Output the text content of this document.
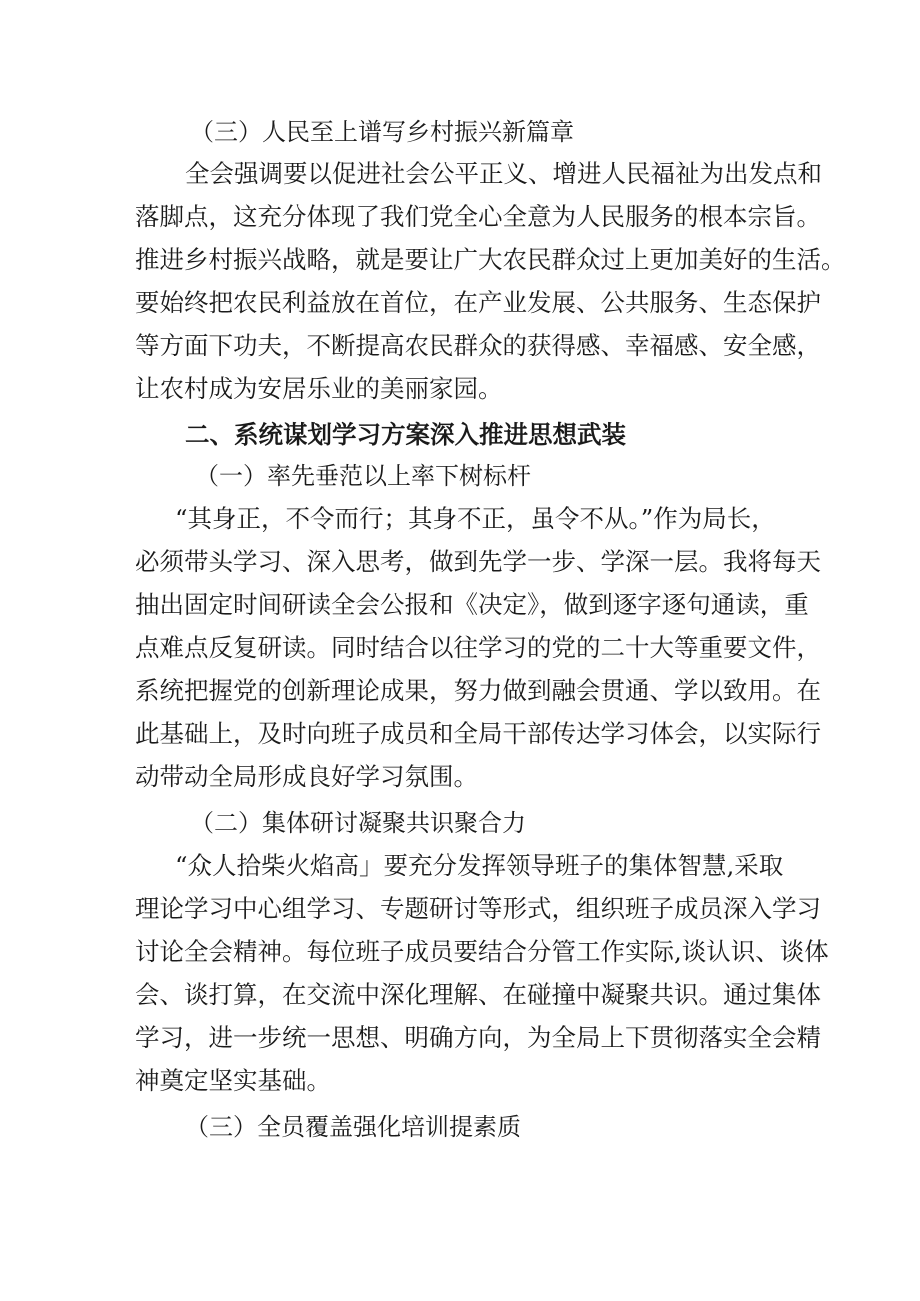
（三）人民至上谱写乡村振兴新篇章
全会强调要以促进社会公平正义、增进人民福祉为出发点和
落脚点，这充分体现了我们党全心全意为人民服务的根本宗旨。
推进乡村振兴战略，就是要让广大农民群众过上更加美好的生活。
要始终把农民利益放在首位，在产业发展、公共服务、生态保护
等方面下功夫，不断提高农民群众的获得感、幸福感、安全感，
让农村成为安居乐业的美丽家园。
二、系统谋划学习方案深入推进思想武装
（一）率先垂范以上率下树标杆
“其身正，不令而行；其身不正，虽令不从。”作为局长，
必须带头学习、深入思考，做到先学一步、学深一层。我将每天
抽出固定时间研读全会公报和《决定》，做到逐字逐句通读，重
点难点反复研读。同时结合以往学习的党的二十大等重要文件，
系统把握党的创新理论成果，努力做到融会贯通、学以致用。在
此基础上，及时向班子成员和全局干部传达学习体会，以实际行
动带动全局形成良好学习氛围。
（二）集体研讨凝聚共识聚合力
“众人拾柴火焰高」要充分发挥领导班子的集体智慧,采取
理论学习中心组学习、专题研讨等形式，组织班子成员深入学习
讨论全会精神。每位班子成员要结合分管工作实际,谈认识、谈体
会、谈打算，在交流中深化理解、在碰撞中凝聚共识。通过集体
学习，进一步统一思想、明确方向，为全局上下贯彻落实全会精
神奠定坚实基础。
（三）全员覆盖强化培训提素质
